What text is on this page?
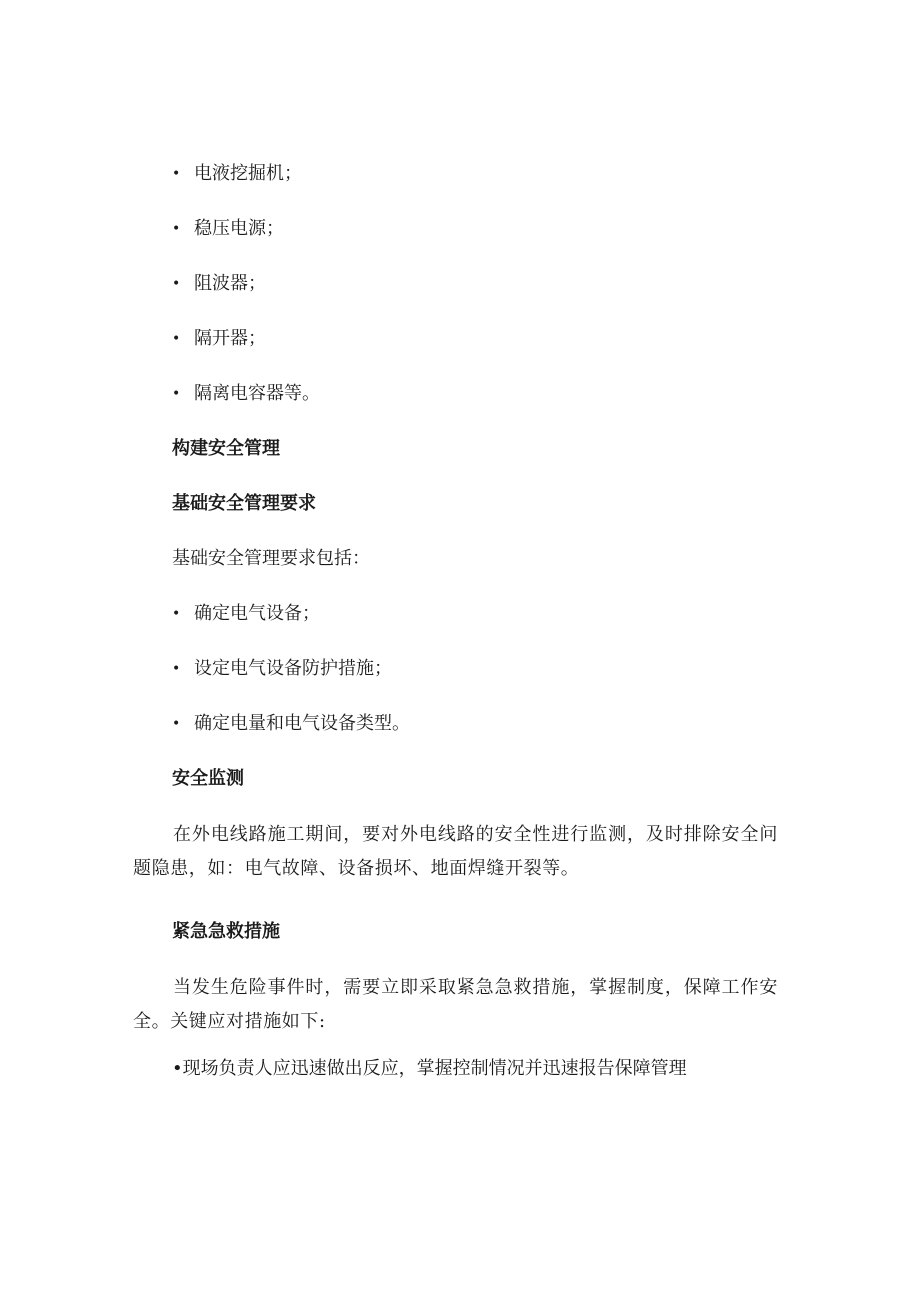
• 电液挖掘机；
• 稳压电源；
• 阻波器；
• 隔开器；
• 隔离电容器等。
构建安全管理
基础安全管理要求
基础安全管理要求包括：
• 确定电气设备；
• 设定电气设备防护措施；
• 确定电量和电气设备类型。
安全监测
在外电线路施工期间，要对外电线路的安全性进行监测，及时排除安全问题隐患，如：电气故障、设备损坏、地面焊缝开裂等。
紧急急救措施
当发生危险事件时，需要立即采取紧急急救措施，掌握制度，保障工作安全。关键应对措施如下:
•现场负责人应迅速做出反应，掌握控制情况并迅速报告保障管理
